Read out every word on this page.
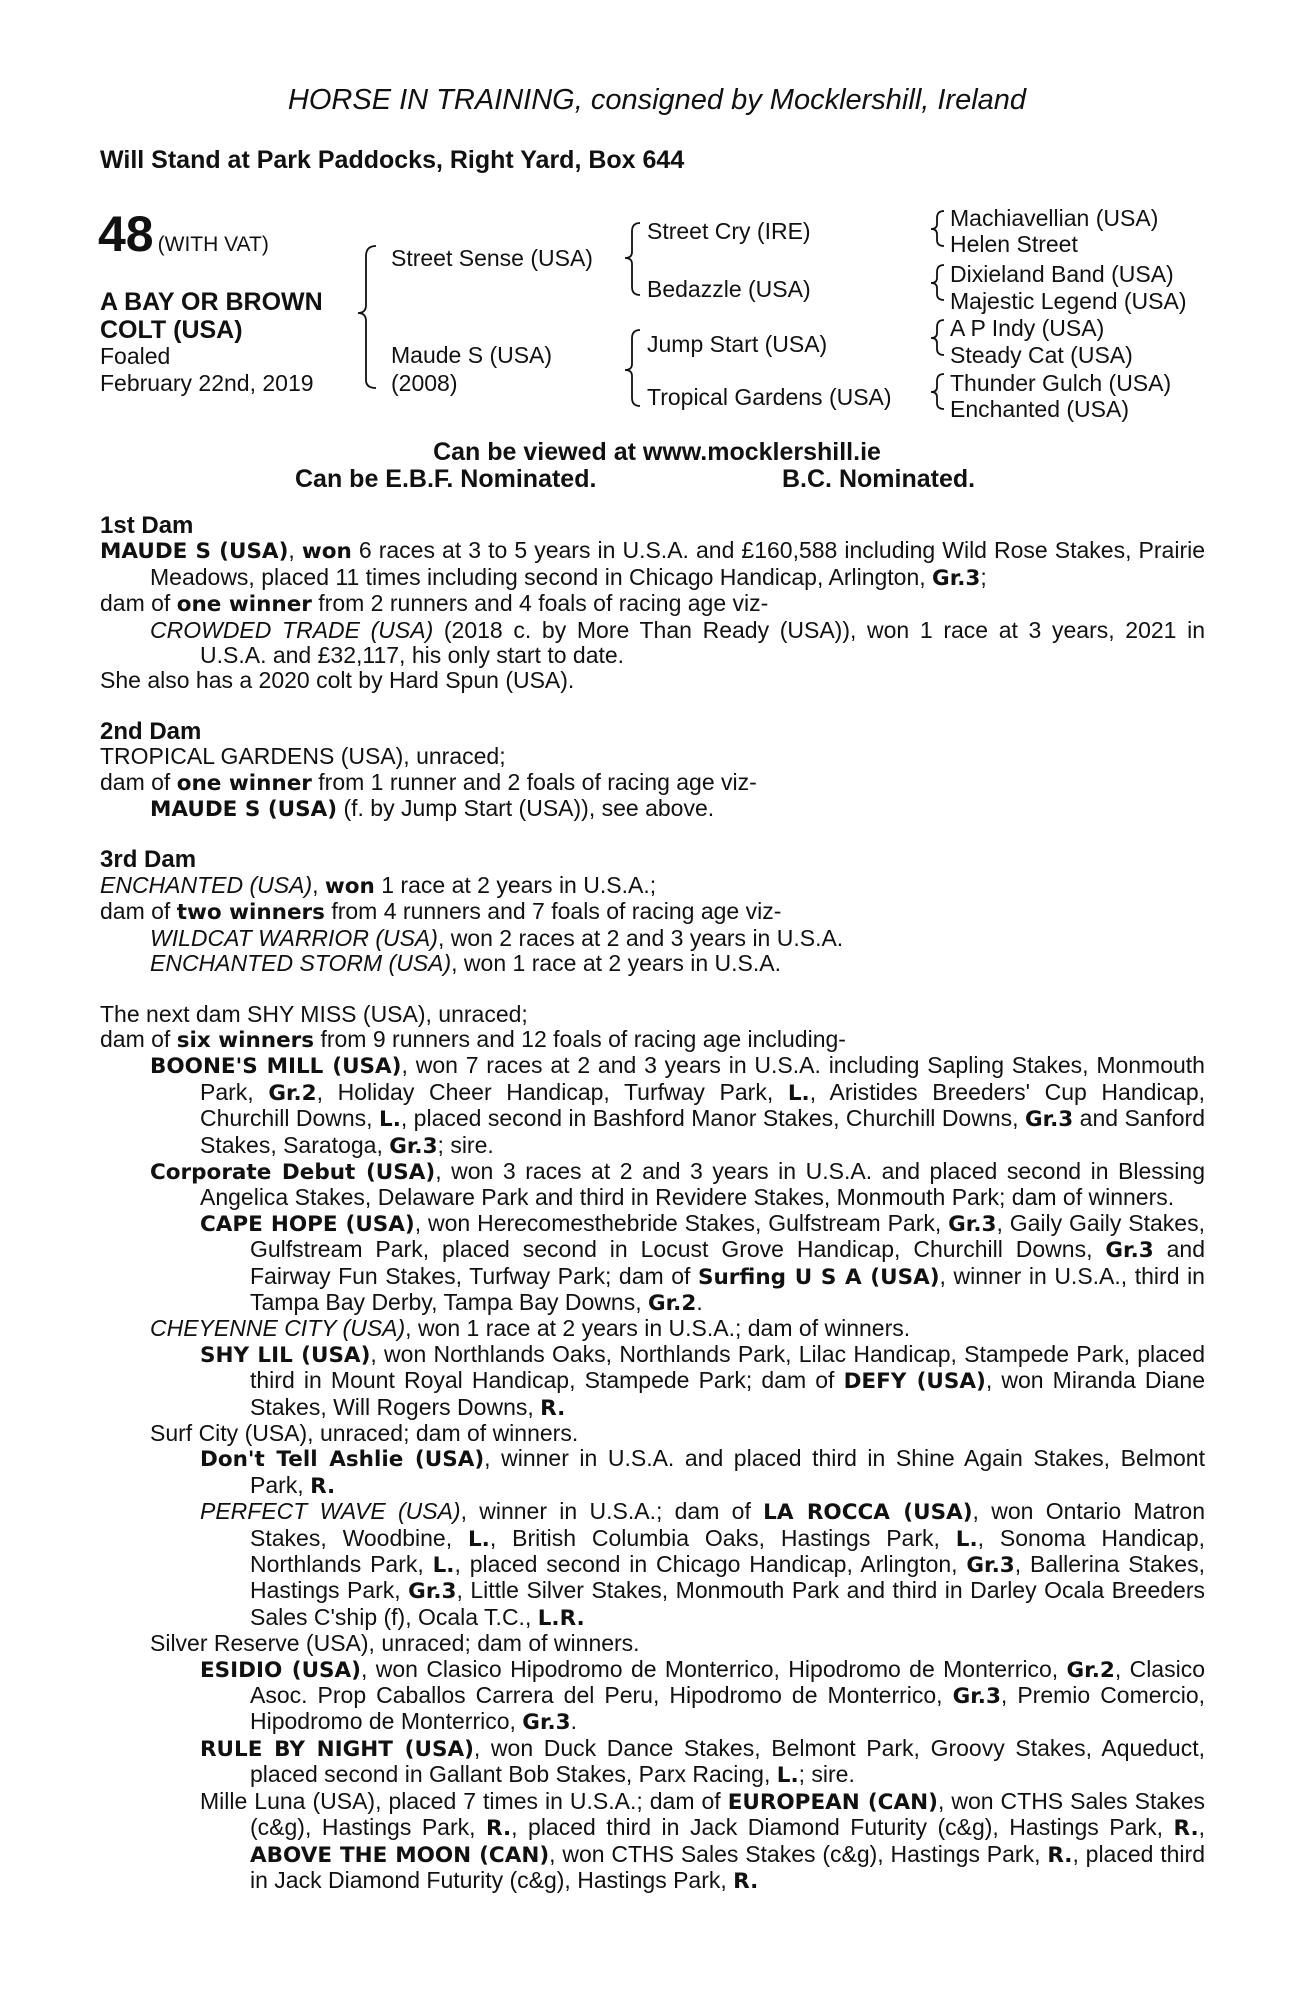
HORSE IN TRAINING, consigned by Mocklershill, Ireland
Will Stand at Park Paddocks, Right Yard, Box 644
48 (WITH VAT)
A BAY OR BROWN
COLT (USA)
Foaled
February 22nd, 2019
Street Sense (USA)
Maude S (USA)
(2008)
Street Cry (IRE)
Bedazzle (USA)
Jump Start (USA)
Tropical Gardens (USA)
Machiavellian (USA)
Helen Street
Dixieland Band (USA)
Majestic Legend (USA)
A P Indy (USA)
Steady Cat (USA)
Thunder Gulch (USA)
Enchanted (USA)
Can be viewed at www.mocklershill.ie
Can be E.B.F. Nominated.	B.C. Nominated.
1st Dam
MAUDE S (USA), won 6 races at 3 to 5 years in U.S.A. and £160,588 including Wild Rose Stakes, Prairie Meadows, placed 11 times including second in Chicago Handicap, Arlington, Gr.3;
dam of one winner from 2 runners and 4 foals of racing age viz-
CROWDED TRADE (USA) (2018 c. by More Than Ready (USA)), won 1 race at 3 years, 2021 in U.S.A. and £32,117, his only start to date.
She also has a 2020 colt by Hard Spun (USA).
2nd Dam
TROPICAL GARDENS (USA), unraced;
dam of one winner from 1 runner and 2 foals of racing age viz-
MAUDE S (USA) (f. by Jump Start (USA)), see above.
3rd Dam
ENCHANTED (USA), won 1 race at 2 years in U.S.A.;
dam of two winners from 4 runners and 7 foals of racing age viz-
WILDCAT WARRIOR (USA), won 2 races at 2 and 3 years in U.S.A.
ENCHANTED STORM (USA), won 1 race at 2 years in U.S.A.
The next dam SHY MISS (USA), unraced;
dam of six winners from 9 runners and 12 foals of racing age including-
BOONE'S MILL (USA), won 7 races at 2 and 3 years in U.S.A. including Sapling Stakes, Monmouth Park, Gr.2, Holiday Cheer Handicap, Turfway Park, L., Aristides Breeders' Cup Handicap, Churchill Downs, L., placed second in Bashford Manor Stakes, Churchill Downs, Gr.3 and Sanford Stakes, Saratoga, Gr.3; sire.
Corporate Debut (USA), won 3 races at 2 and 3 years in U.S.A. and placed second in Blessing Angelica Stakes, Delaware Park and third in Revidere Stakes, Monmouth Park; dam of winners.
CAPE HOPE (USA), won Herecomesthebride Stakes, Gulfstream Park, Gr.3, Gaily Gaily Stakes, Gulfstream Park, placed second in Locust Grove Handicap, Churchill Downs, Gr.3 and Fairway Fun Stakes, Turfway Park; dam of Surfing U S A (USA), winner in U.S.A., third in Tampa Bay Derby, Tampa Bay Downs, Gr.2.
CHEYENNE CITY (USA), won 1 race at 2 years in U.S.A.; dam of winners.
SHY LIL (USA), won Northlands Oaks, Northlands Park, Lilac Handicap, Stampede Park, placed third in Mount Royal Handicap, Stampede Park; dam of DEFY (USA), won Miranda Diane Stakes, Will Rogers Downs, R.
Surf City (USA), unraced; dam of winners.
Don't Tell Ashlie (USA), winner in U.S.A. and placed third in Shine Again Stakes, Belmont Park, R.
PERFECT WAVE (USA), winner in U.S.A.; dam of LA ROCCA (USA), won Ontario Matron Stakes, Woodbine, L., British Columbia Oaks, Hastings Park, L., Sonoma Handicap, Northlands Park, L., placed second in Chicago Handicap, Arlington, Gr.3, Ballerina Stakes, Hastings Park, Gr.3, Little Silver Stakes, Monmouth Park and third in Darley Ocala Breeders Sales C'ship (f), Ocala T.C., L.R.
Silver Reserve (USA), unraced; dam of winners.
ESIDIO (USA), won Clasico Hipodromo de Monterrico, Hipodromo de Monterrico, Gr.2, Clasico Asoc. Prop Caballos Carrera del Peru, Hipodromo de Monterrico, Gr.3, Premio Comercio, Hipodromo de Monterrico, Gr.3.
RULE BY NIGHT (USA), won Duck Dance Stakes, Belmont Park, Groovy Stakes, Aqueduct, placed second in Gallant Bob Stakes, Parx Racing, L.; sire.
Mille Luna (USA), placed 7 times in U.S.A.; dam of EUROPEAN (CAN), won CTHS Sales Stakes (c&g), Hastings Park, R., placed third in Jack Diamond Futurity (c&g), Hastings Park, R., ABOVE THE MOON (CAN), won CTHS Sales Stakes (c&g), Hastings Park, R., placed third in Jack Diamond Futurity (c&g), Hastings Park, R.
